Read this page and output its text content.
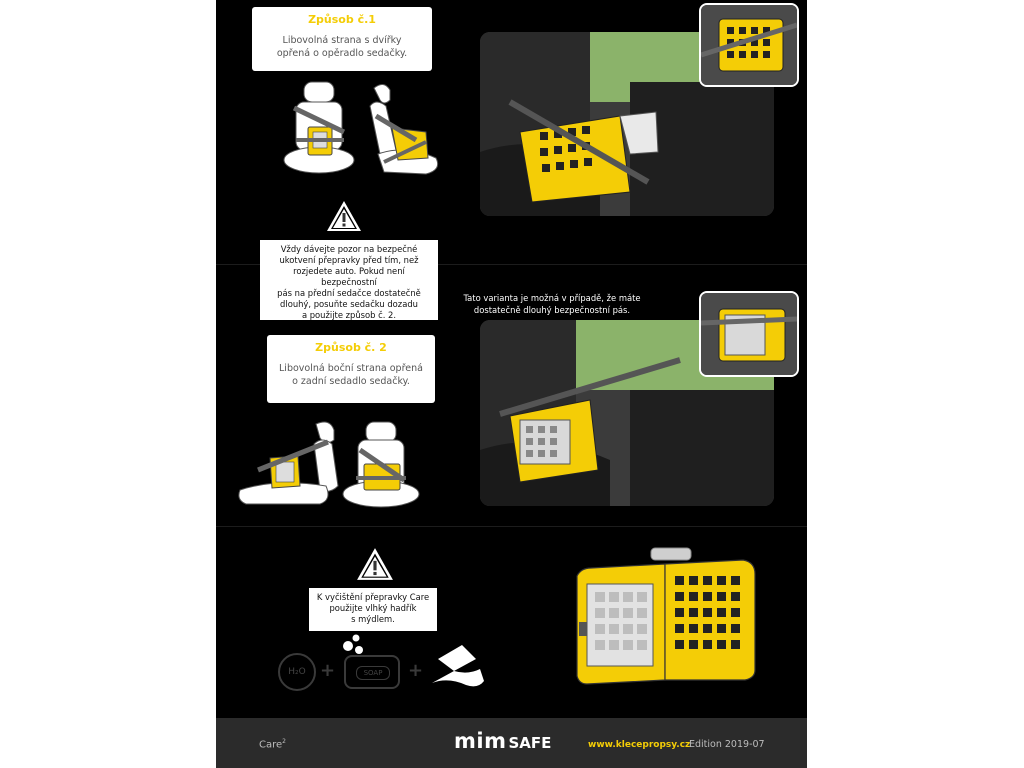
Způsob č.1
Libovolná strana s dvířky
opřená o opěradlo sedačky.
Vždy dávejte pozor na bezpečné
ukotvení přepravky před tím, než
rozjedete auto. Pokud není bezpečnostní
pás na přední sedačce dostatečně
dlouhý, posuňte sedačku dozadu
a použijte způsob č. 2.
Tato varianta je možná v případě, že máte
dostatečně dlouhý bezpečnostní pás.
Způsob č. 2
Libovolná boční strana opřená
o zadní sedadlo sedačky.
K vyčištění přepravky Care
použijte vlhký hadřík
s mýdlem.
H₂O +	SOAP	+
Care$^2$	mim SAFE	www.klecepropsy.cz
Edition 2019-07
